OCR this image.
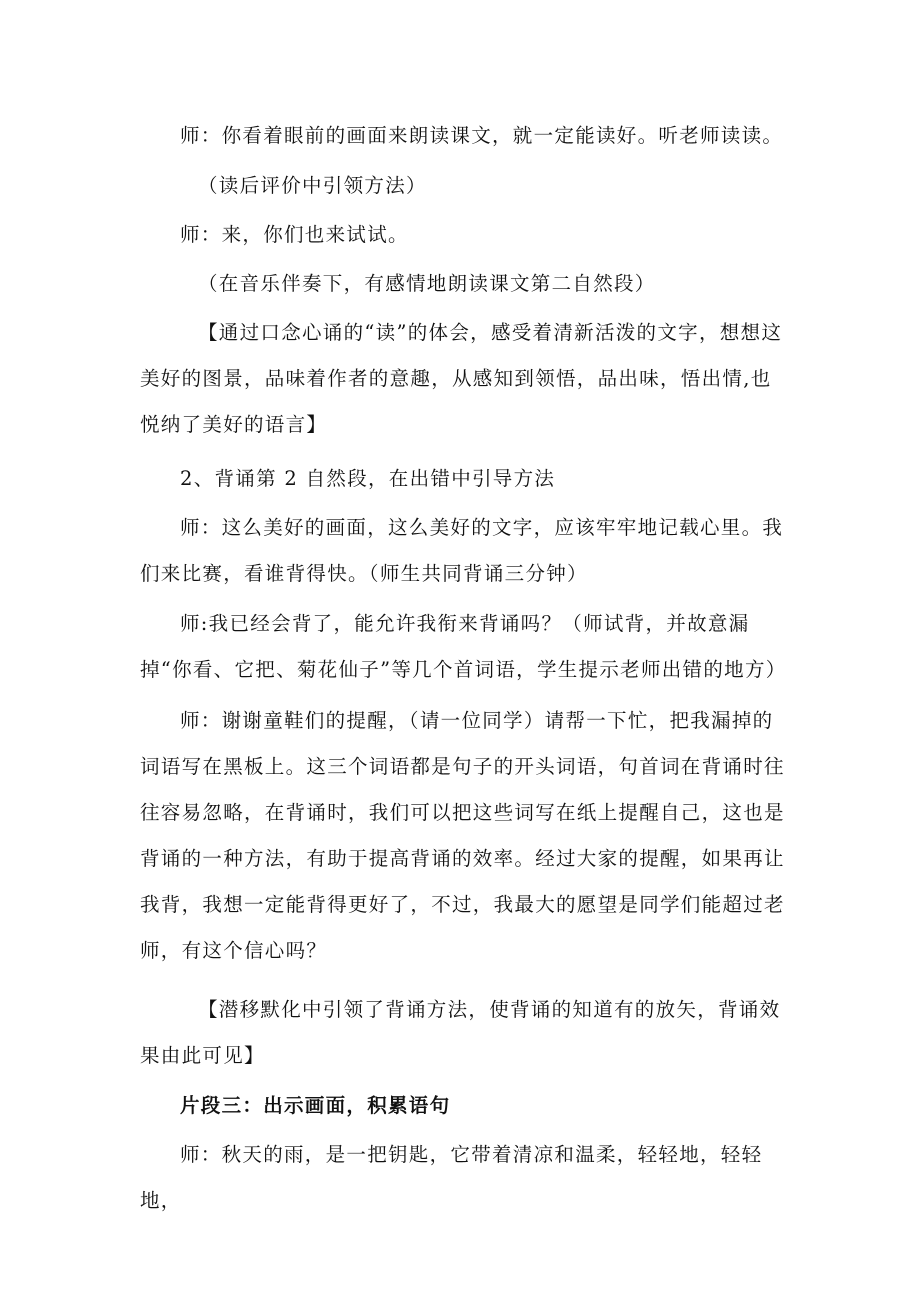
师：你看着眼前的画面来朗读课文，就一定能读好。听老师读读。

（读后评价中引领方法）

师：来，你们也来试试。

（在音乐伴奏下，有感情地朗读课文第二自然段）

【通过口念心诵的“读”的体会，感受着清新活泼的文字，想想这美好的图景，品味着作者的意趣，从感知到领悟，品出味，悟出情,也悦纳了美好的语言】

2、背诵第 2 自然段，在出错中引导方法

师：这么美好的画面，这么美好的文字，应该牢牢地记载心里。我们来比赛，看谁背得快。（师生共同背诵三分钟）

师:我已经会背了，能允许我衔来背诵吗？（师试背，并故意漏掉“你看、它把、菊花仙子”等几个首词语，学生提示老师出错的地方）

师：谢谢童鞋们的提醒，（请一位同学）请帮一下忙，把我漏掉的词语写在黑板上。这三个词语都是句子的开头词语，句首词在背诵时往往容易忽略，在背诵时，我们可以把这些词写在纸上提醒自己，这也是背诵的一种方法，有助于提高背诵的效率。经过大家的提醒，如果再让我背，我想一定能背得更好了，不过，我最大的愿望是同学们能超过老师，有这个信心吗？

【潜移默化中引领了背诵方法，使背诵的知道有的放矢，背诵效果由此可见】

片段三：出示画面，积累语句

师：秋天的雨，是一把钥匙，它带着清凉和温柔，轻轻地，轻轻地，
